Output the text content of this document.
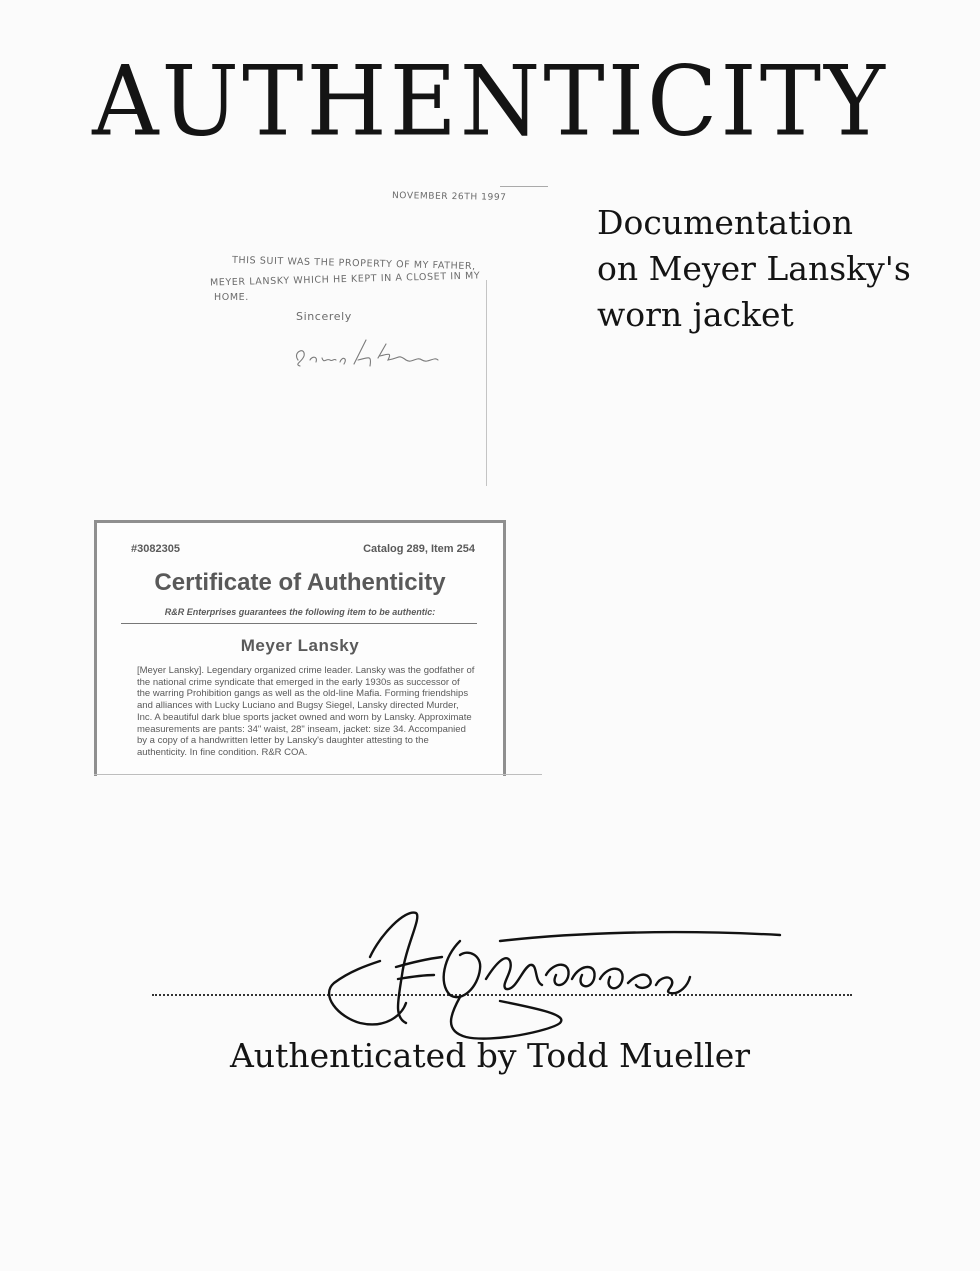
AUTHENTICITY
NOVEMBER 26TH 1997
THIS SUIT WAS THE PROPERTY OF MY FATHER,
MEYER LANSKY WHICH HE KEPT IN A CLOSET IN MY
HOME.
Sincerely
Documentation
on Meyer Lansky's
worn jacket
#3082305	Catalog 289, Item 254
Certificate of Authenticity
R&R Enterprises guarantees the following item to be authentic:
Meyer Lansky
[Meyer Lansky]. Legendary organized crime leader. Lansky was the godfather of the national crime syndicate that emerged in the early 1930s as successor of the warring Prohibition gangs as well as the old-line Mafia. Forming friendships and alliances with Lucky Luciano and Bugsy Siegel, Lansky directed Murder, Inc. A beautiful dark blue sports jacket owned and worn by Lansky. Approximate measurements are pants: 34" waist, 28" inseam, jacket: size 34. Accompanied by a copy of a handwritten letter by Lansky's daughter attesting to the authenticity. In fine condition. R&R COA.
Authenticated by Todd Mueller
